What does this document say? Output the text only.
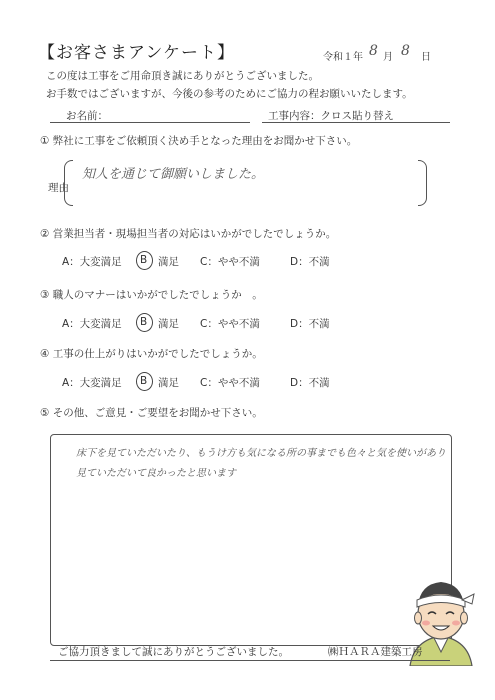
【お客さまアンケート】	令和１年 8 月 8 日
この度は工事をご用命頂き誠にありがとうございました。
お手数ではございますが、今後の参考のためにご協力の程お願いいたします。
お名前：	工事内容：クロス貼り替え
① 弊社に工事をご依頼頂く決め手となった理由をお聞かせ下さい。
理由
知人を通じて御願いしました。
② 営業担当者・現場担当者の対応はいかがでしたでしょうか。
A：大変満足 B 満足 C：やや不満	D：不満
③ 職人のマナーはいかがでしたでしょうか　。
A：大変満足 B 満足 C：やや不満	D：不満
④ 工事の仕上がりはいかがでしたでしょうか。
A：大変満足 B 満足 C：やや不満	D：不満
⑤ その他、ご意見・ご要望をお聞かせ下さい。
床下を見ていただいたり、もうけ方も気になる所の事までも色々と気を使いがあり
見ていただいて良かったと思います
ご協力頂きまして誠にありがとうございました。	㈱ＨＡＲＡ建築工房
